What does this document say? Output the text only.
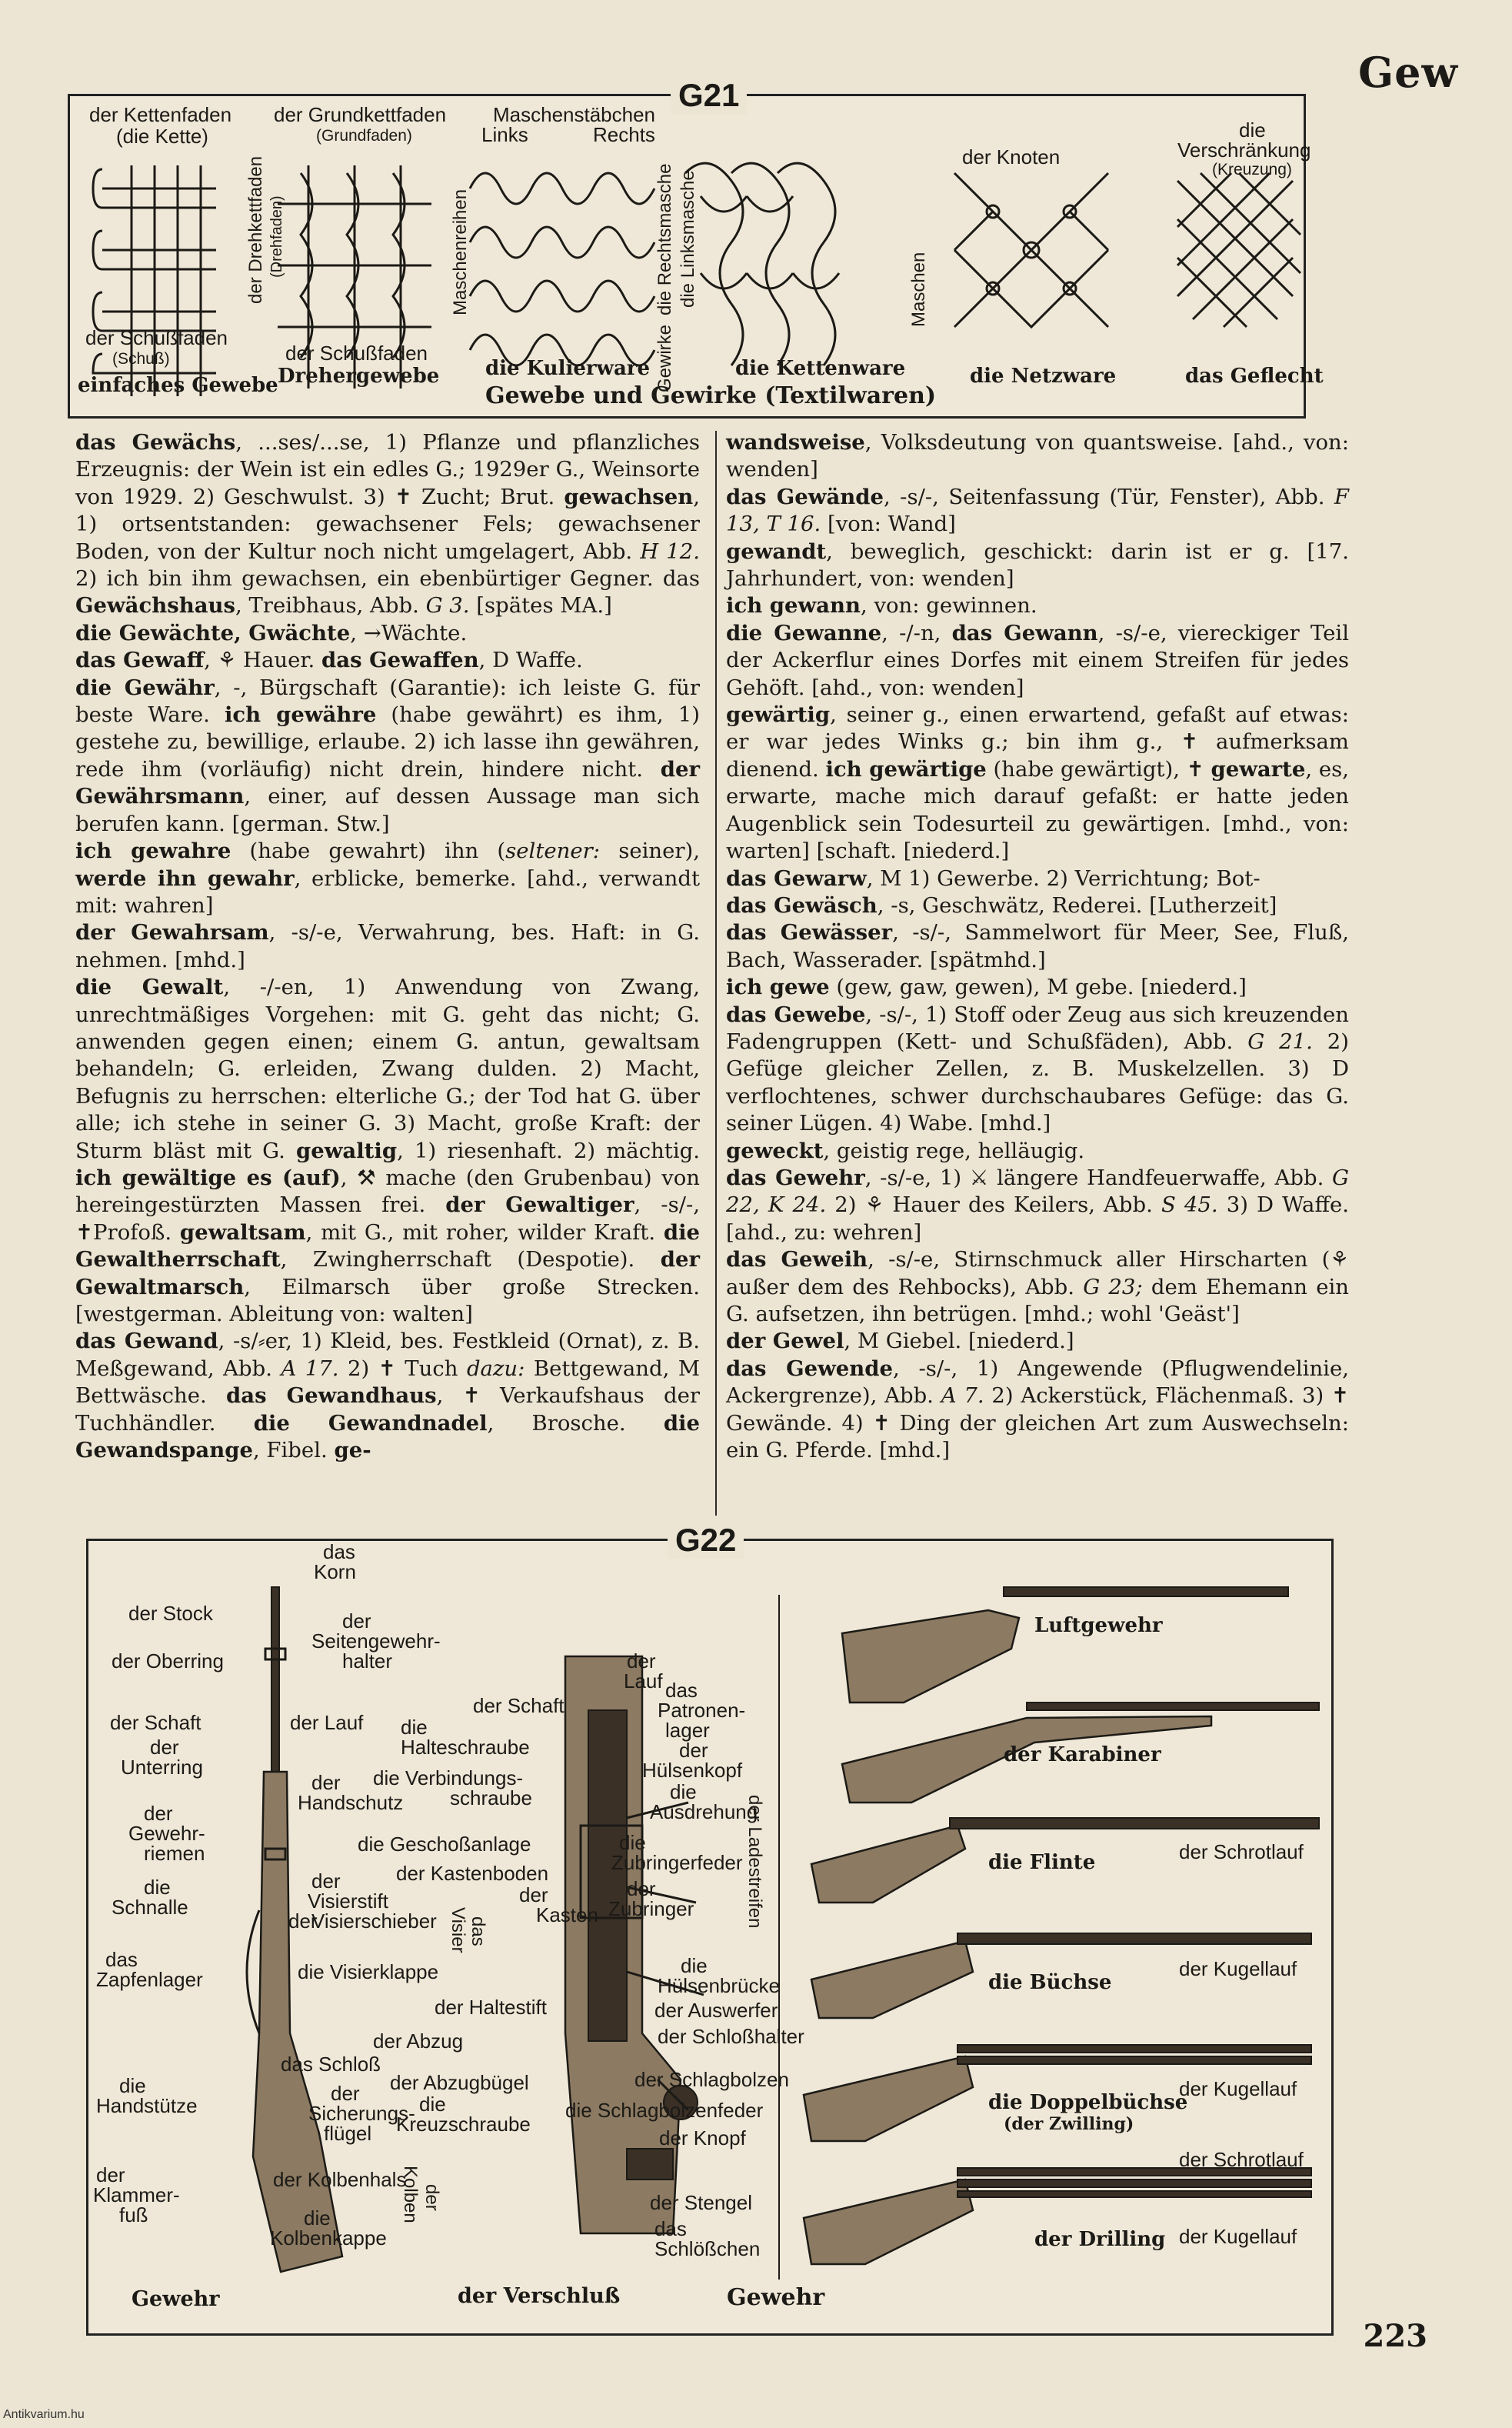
Gew
der Kettenfaden
(die Kette)
der Grundkettfaden
(Grundfaden)
Maschenstäbchen
Links	Rechts
der Drehkettfaden (Drehfaden)	Maschenreihen	die Rechtsmasche die Linksmasche
Gewirke
Maschen
der Schußfaden
(Schuß)
einfaches Gewebe
der Schußfaden
Drehergewebe die Kulierware	die Kettenware
der Knoten
die Netzware
die
Verschränkung
(Kreuzung)
das Geflecht
Gewebe und Gewirke (Textilwaren)
G21

das Gewächs, ...ses/...se, 1) Pflanze und pflanzliches Erzeugnis: der Wein ist ein edles G.; 1929er G., Weinsorte von 1929. 2) Geschwulst. 3) ✝ Zucht; Brut. gewachsen, 1) ortsentstanden: gewachsener Fels; gewachsener Boden, von der Kultur noch nicht umgelagert, Abb. H 12. 2) ich bin ihm gewachsen, ein ebenbürtiger Gegner. das Gewächshaus, Treibhaus, Abb. G 3. [spätes MA.]

die Gewächte, Gwächte, →Wächte.

das Gewaff, ⚘ Hauer. das Gewaffen, D Waffe.

die Gewähr, -, Bürgschaft (Garantie): ich leiste G. für beste Ware. ich gewähre (habe gewährt) es ihm, 1) gestehe zu, bewillige, erlaube. 2) ich lasse ihn gewähren, rede ihm (vorläufig) nicht drein, hindere nicht. der Gewährsmann, einer, auf dessen Aussage man sich berufen kann. [german. Stw.]

ich gewahre (habe gewahrt) ihn (seltener: seiner), werde ihn gewahr, erblicke, bemerke. [ahd., verwandt mit: wahren]

der Gewahrsam, -s/-e, Verwahrung, bes. Haft: in G. nehmen. [mhd.]

die Gewalt, -/-en, 1) Anwendung von Zwang, unrechtmäßiges Vorgehen: mit G. geht das nicht; G. anwenden gegen einen; einem G. antun, gewaltsam behandeln; G. erleiden, Zwang dulden. 2) Macht, Befugnis zu herrschen: elterliche G.; der Tod hat G. über alle; ich stehe in seiner G. 3) Macht, große Kraft: der Sturm bläst mit G. gewaltig, 1) riesenhaft. 2) mächtig. ich gewältige es (auf), ⚒ mache (den Grubenbau) von hereingestürzten Massen frei. der Gewaltiger, -s/-, ✝Profoß. gewaltsam, mit G., mit roher, wilder Kraft. die Gewaltherrschaft, Zwingherrschaft (Despotie). der Gewaltmarsch, Eilmarsch über große Strecken. [westgerman. Ableitung von: walten]

das Gewand, -s/⸗er, 1) Kleid, bes. Festkleid (Ornat), z. B. Meßgewand, Abb. A 17. 2) ✝ Tuch dazu: Bettgewand, M Bettwäsche. das Gewandhaus, ✝ Verkaufshaus der Tuchhändler. die Gewandnadel, Brosche. die Gewandspange, Fibel. ge-

wandsweise, Volksdeutung von quantsweise. [ahd., von: wenden]

das Gewände, -s/-, Seitenfassung (Tür, Fenster), Abb. F 13, T 16. [von: Wand]

gewandt, beweglich, geschickt: darin ist er g. [17. Jahrhundert, von: wenden]

ich gewann, von: gewinnen.

die Gewanne, -/-n, das Gewann, -s/-e, viereckiger Teil der Ackerflur eines Dorfes mit einem Streifen für jedes Gehöft. [ahd., von: wenden]

gewärtig, seiner g., einen erwartend, gefaßt auf etwas: er war jedes Winks g.; bin ihm g., ✝ aufmerksam dienend. ich gewärtige (habe gewärtigt), ✝ gewarte, es, erwarte, mache mich darauf gefaßt: er hatte jeden Augenblick sein Todesurteil zu gewärtigen. [mhd., von: warten] [schaft. [niederd.]

das Gewarw, M 1) Gewerbe. 2) Verrichtung; Bot-

das Gewäsch, -s, Geschwätz, Rederei. [Lutherzeit]

das Gewässer, -s/-, Sammelwort für Meer, See, Fluß, Bach, Wasserader. [spätmhd.]

ich gewe (gew, gaw, gewen), M gebe. [niederd.]

das Gewebe, -s/-, 1) Stoff oder Zeug aus sich kreuzenden Fadengruppen (Kett- und Schußfäden), Abb. G 21. 2) Gefüge gleicher Zellen, z. B. Muskelzellen. 3) D verflochtenes, schwer durchschaubares Gefüge: das G. seiner Lügen. 4) Wabe. [mhd.]

geweckt, geistig rege, helläugig.

das Gewehr, -s/-e, 1) ⚔ längere Handfeuerwaffe, Abb. G 22, K 24. 2) ⚘ Hauer des Keilers, Abb. S 45. 3) D Waffe. [ahd., zu: wehren]

das Geweih, -s/-e, Stirnschmuck aller Hirscharten (⚘ außer dem des Rehbocks), Abb. G 23; dem Ehemann ein G. aufsetzen, ihn betrügen. [mhd.; wohl 'Geäst']

der Gewel, M Giebel. [niederd.]

das Gewende, -s/-, 1) Angewende (Pflugwendelinie, Ackergrenze), Abb. A 7. 2) Ackerstück, Flächenmaß. 3) ✝ Gewände. 4) ✝ Ding der gleichen Art zum Auswechseln: ein G. Pferde. [mhd.]

das
Korn
der Stock	der
Seitengewehr-
halter
der Oberring
der Schaft	der Lauf
der
Unterring
der
Handschutz
der
Gewehr-
riemen
die
Schnalle
der
Visierstift
der
Visierschieber das
Visier
die Visierklappe
das
Zapfenlager
das Schloß
die
Handstütze
der
Sicherungs-
flügel
der
Klammer-
fuß
der Kolbenhals
die
Kolbenkappe
der
Kolben
der Schaft
der
Lauf das
Patronen-
lager
der
Hülsenkopf
die
Ausdrehung
die
Halteschraube
die Verbindungs-
schraube
die Geschoßanlage
der Kastenboden
der
Kasten
die
Zubringerfeder
der
Zubringer	der Ladestreifen
die
Hülsenbrücke
der Haltestift	der Auswerfer
der Abzug	der Schloßhalter
der Abzugbügel	der Schlagbolzen
die
Kreuzschraube
die Schlagbolzenfeder
der Knopf
der Stengel
das
Schlößchen
Luftgewehr
der Karabiner
die Flinte	der Schrotlauf
die Büchse
der Kugellauf
die Doppelbüchse
(der Zwilling)
der Kugellauf
der Schrotlauf
der Drilling der Kugellauf
Gewehr	der Verschluß	Gewehr
G22
223
Antikvarium.hu
